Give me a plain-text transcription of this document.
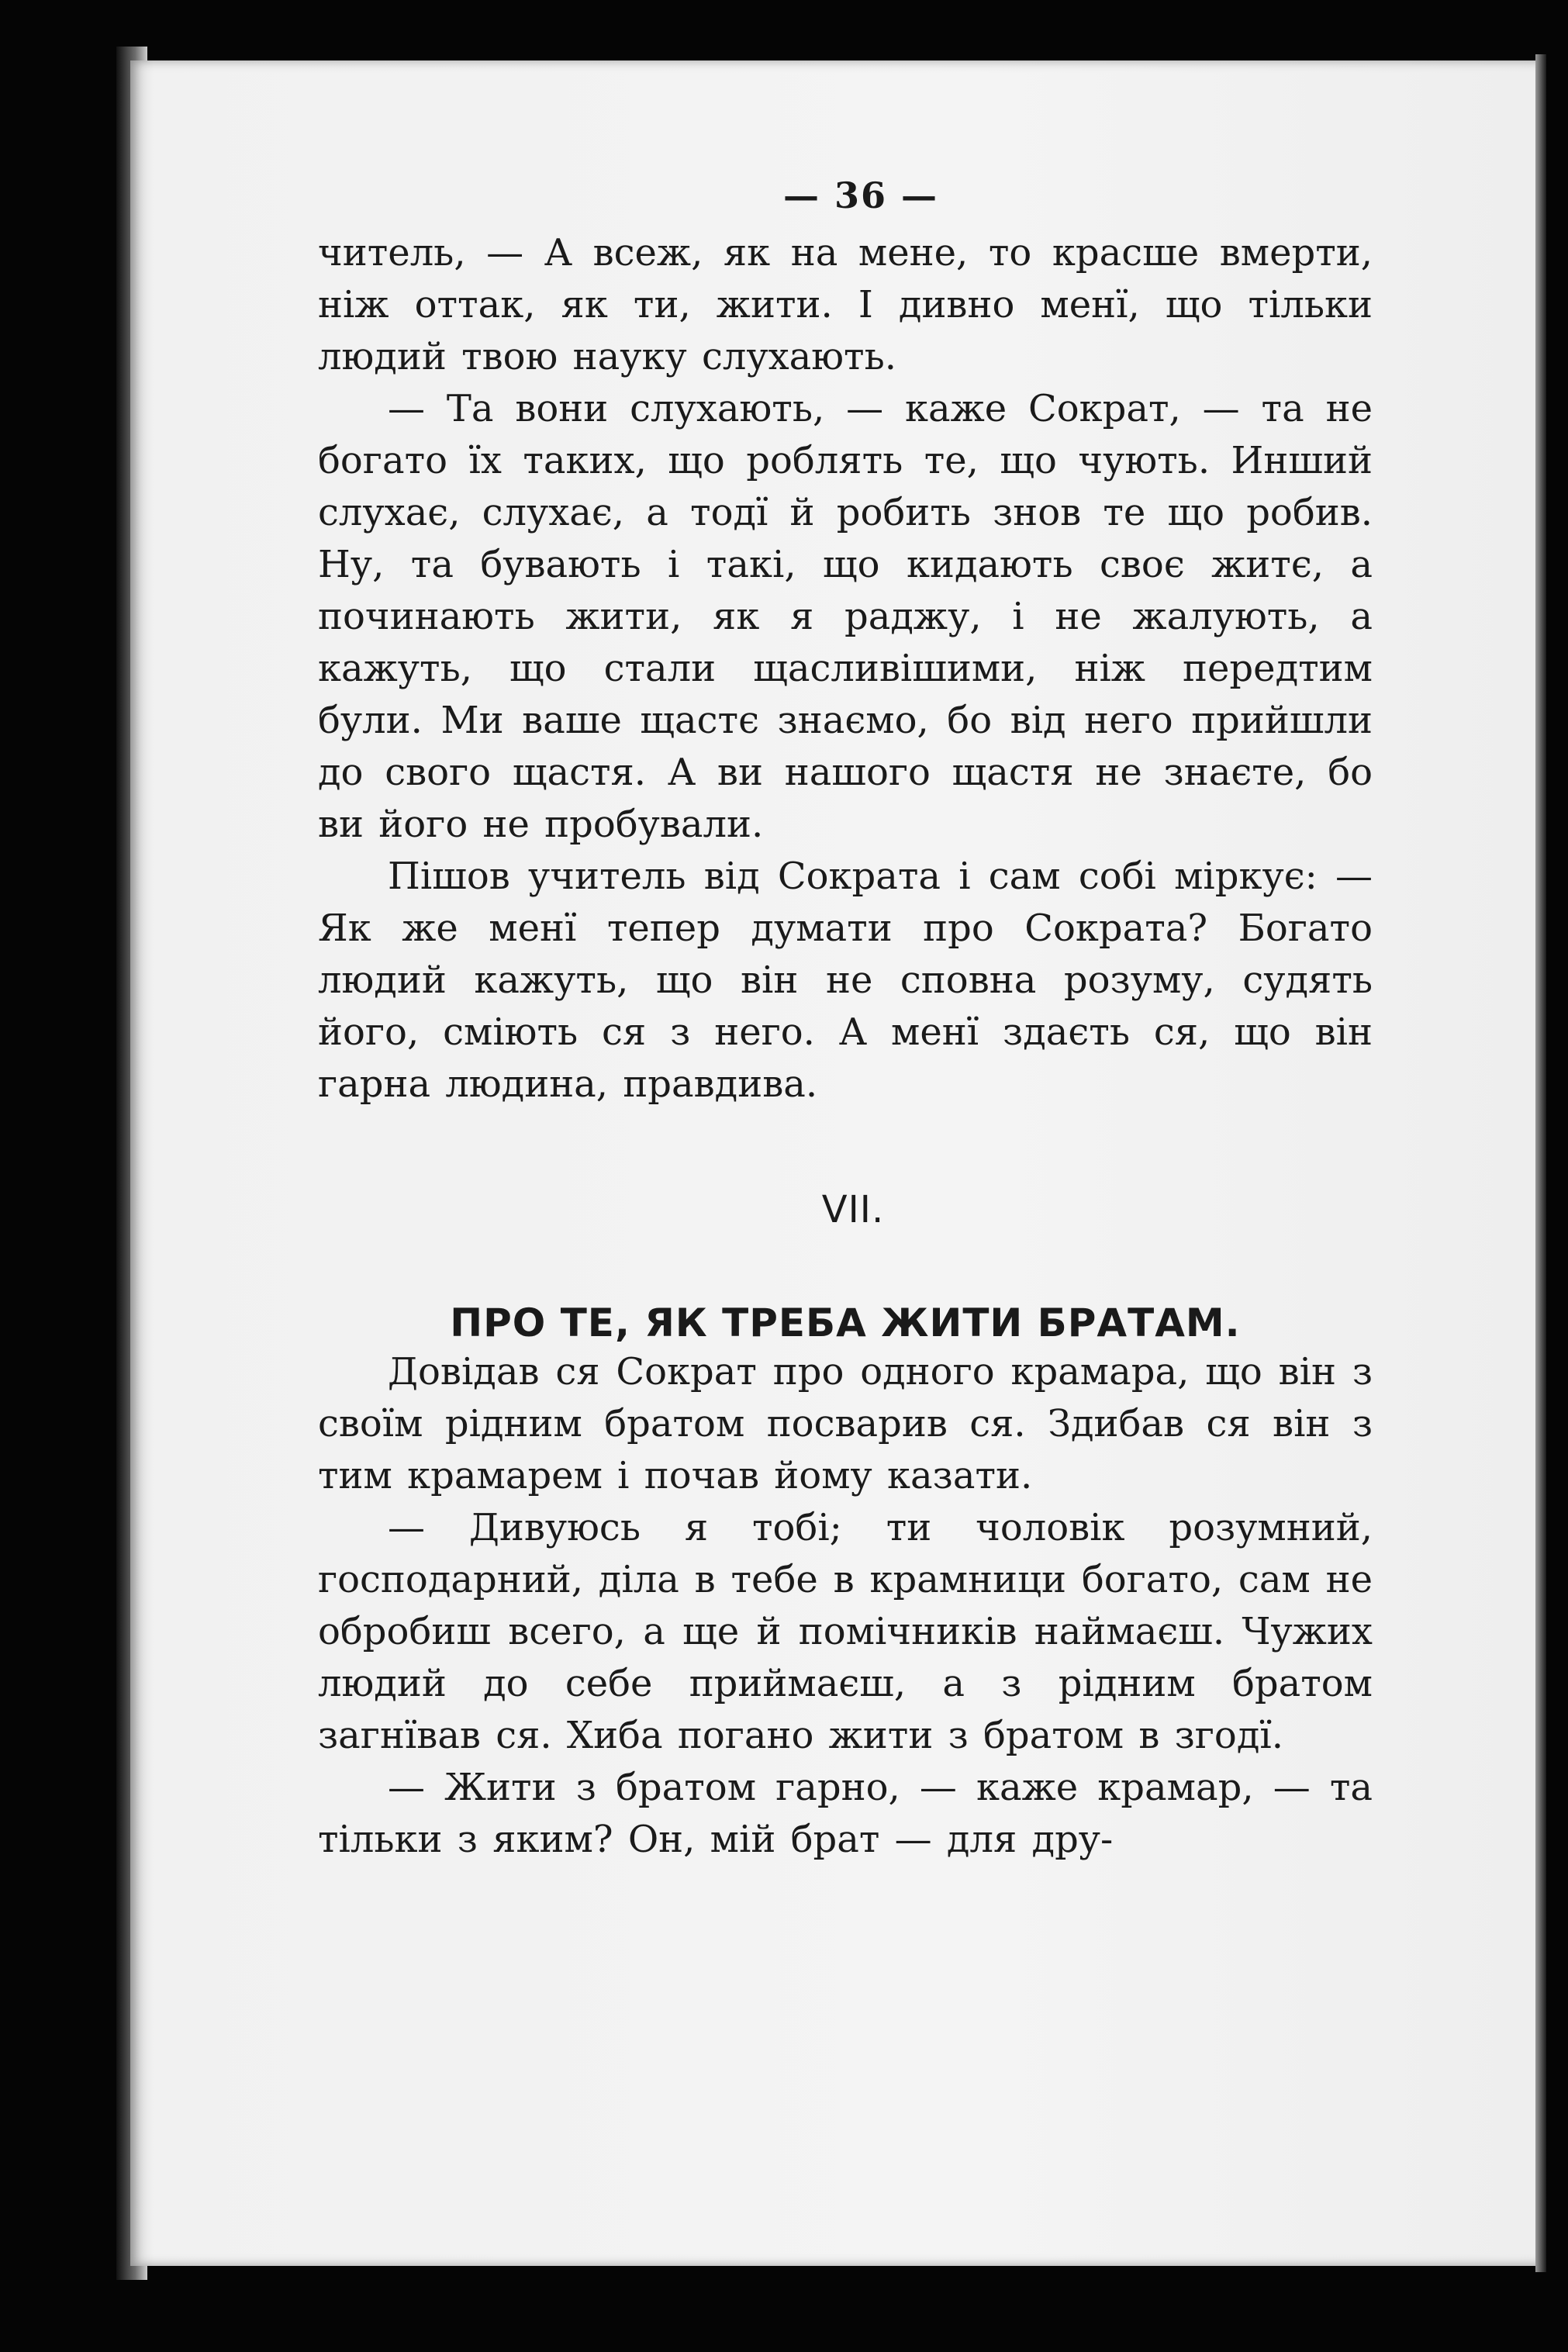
— 36 —

читель, — А всеж, як на мене, то красше вмерти, ніж оттак, як ти, жити. І дивно менї, що тільки людий твою науку слухають.

— Та вони слухають, — каже Сократ, — та не богато їх таких, що роблять те, що чують. Инший слухає, слухає, а тодї й робить знов те що робив. Ну, та бувають і такі, що кидають своє житє, а починають жити, як я раджу, і не жалують, а кажуть, що стали щасливішими, ніж передтим були. Ми ваше щастє знаємо, бо від него прийшли до свого щастя. А ви нашого щастя не знаєте, бо ви його не пробували.

Пішов учитель від Сократа і сам собі міркує: — Як же менї тепер думати про Сократа? Богато людий кажуть, що він не сповна розуму, судять його, сміють ся з него. А менї здаєть ся, що він гарна людина, правдива.

VII.
ПРО ТЕ, ЯК ТРЕБА ЖИТИ БРАТАМ.

Довідав ся Сократ про одного крамара, що він з своїм рідним братом посварив ся. Здибав ся він з тим крамарем і почав йому казати.

— Дивуюсь я тобі; ти чоловік розумний, господарний, діла в тебе в крамници богато, сам не обробиш всего, а ще й помічників наймаєш. Чужих людий до себе приймаєш, а з рідним братом загнївав ся. Хиба погано жити з братом в згодї.

— Жити з братом гарно, — каже крамар, — та тільки з яким? Он, мій брат — для дру-
